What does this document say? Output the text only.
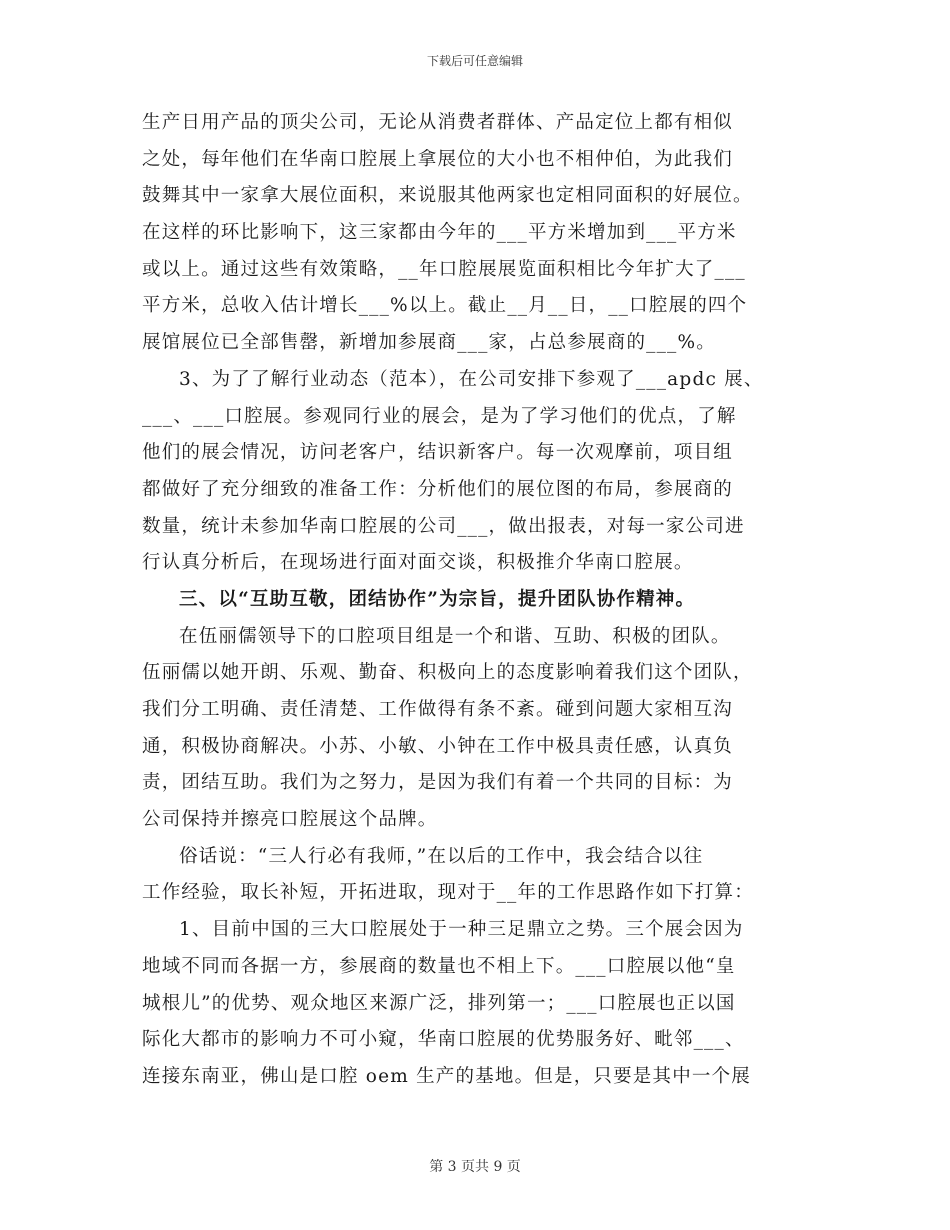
下载后可任意编辑
生产日用产品的顶尖公司，无论从消费者群体、产品定位上都有相似
之处，每年他们在华南口腔展上拿展位的大小也不相仲伯，为此我们
鼓舞其中一家拿大展位面积，来说服其他两家也定相同面积的好展位。
在这样的环比影响下，这三家都由今年的___平方米增加到___平方米
或以上。通过这些有效策略，__年口腔展展览面积相比今年扩大了___
平方米，总收入估计增长___%以上。截止__月__日，__口腔展的四个
展馆展位已全部售罄，新增加参展商___家，占总参展商的___%。
3、为了了解行业动态（范本），在公司安排下参观了___apdc 展、
___、___口腔展。参观同行业的展会，是为了学习他们的优点，了解
他们的展会情况，访问老客户，结识新客户。每一次观摩前，项目组
都做好了充分细致的准备工作：分析他们的展位图的布局，参展商的
数量，统计未参加华南口腔展的公司___，做出报表，对每一家公司进
行认真分析后，在现场进行面对面交谈，积极推介华南口腔展。
三、以“互助互敬，团结协作”为宗旨，提升团队协作精神。
在伍丽儒领导下的口腔项目组是一个和谐、互助、积极的团队。
伍丽儒以她开朗、乐观、勤奋、积极向上的态度影响着我们这个团队，
我们分工明确、责任清楚、工作做得有条不紊。碰到问题大家相互沟
通，积极协商解决。小苏、小敏、小钟在工作中极具责任感，认真负
责，团结互助。我们为之努力，是因为我们有着一个共同的目标：为
公司保持并擦亮口腔展这个品牌。
俗话说：“三人行必有我师，”在以后的工作中，我会结合以往
工作经验，取长补短，开拓进取，现对于__年的工作思路作如下打算：
1、目前中国的三大口腔展处于一种三足鼎立之势。三个展会因为
地域不同而各据一方，参展商的数量也不相上下。___口腔展以他“皇
城根儿”的优势、观众地区来源广泛，排列第一；___口腔展也正以国
际化大都市的影响力不可小窥，华南口腔展的优势服务好、毗邻___、
连接东南亚，佛山是口腔 oem 生产的基地。但是，只要是其中一个展
第 3 页共 9 页
